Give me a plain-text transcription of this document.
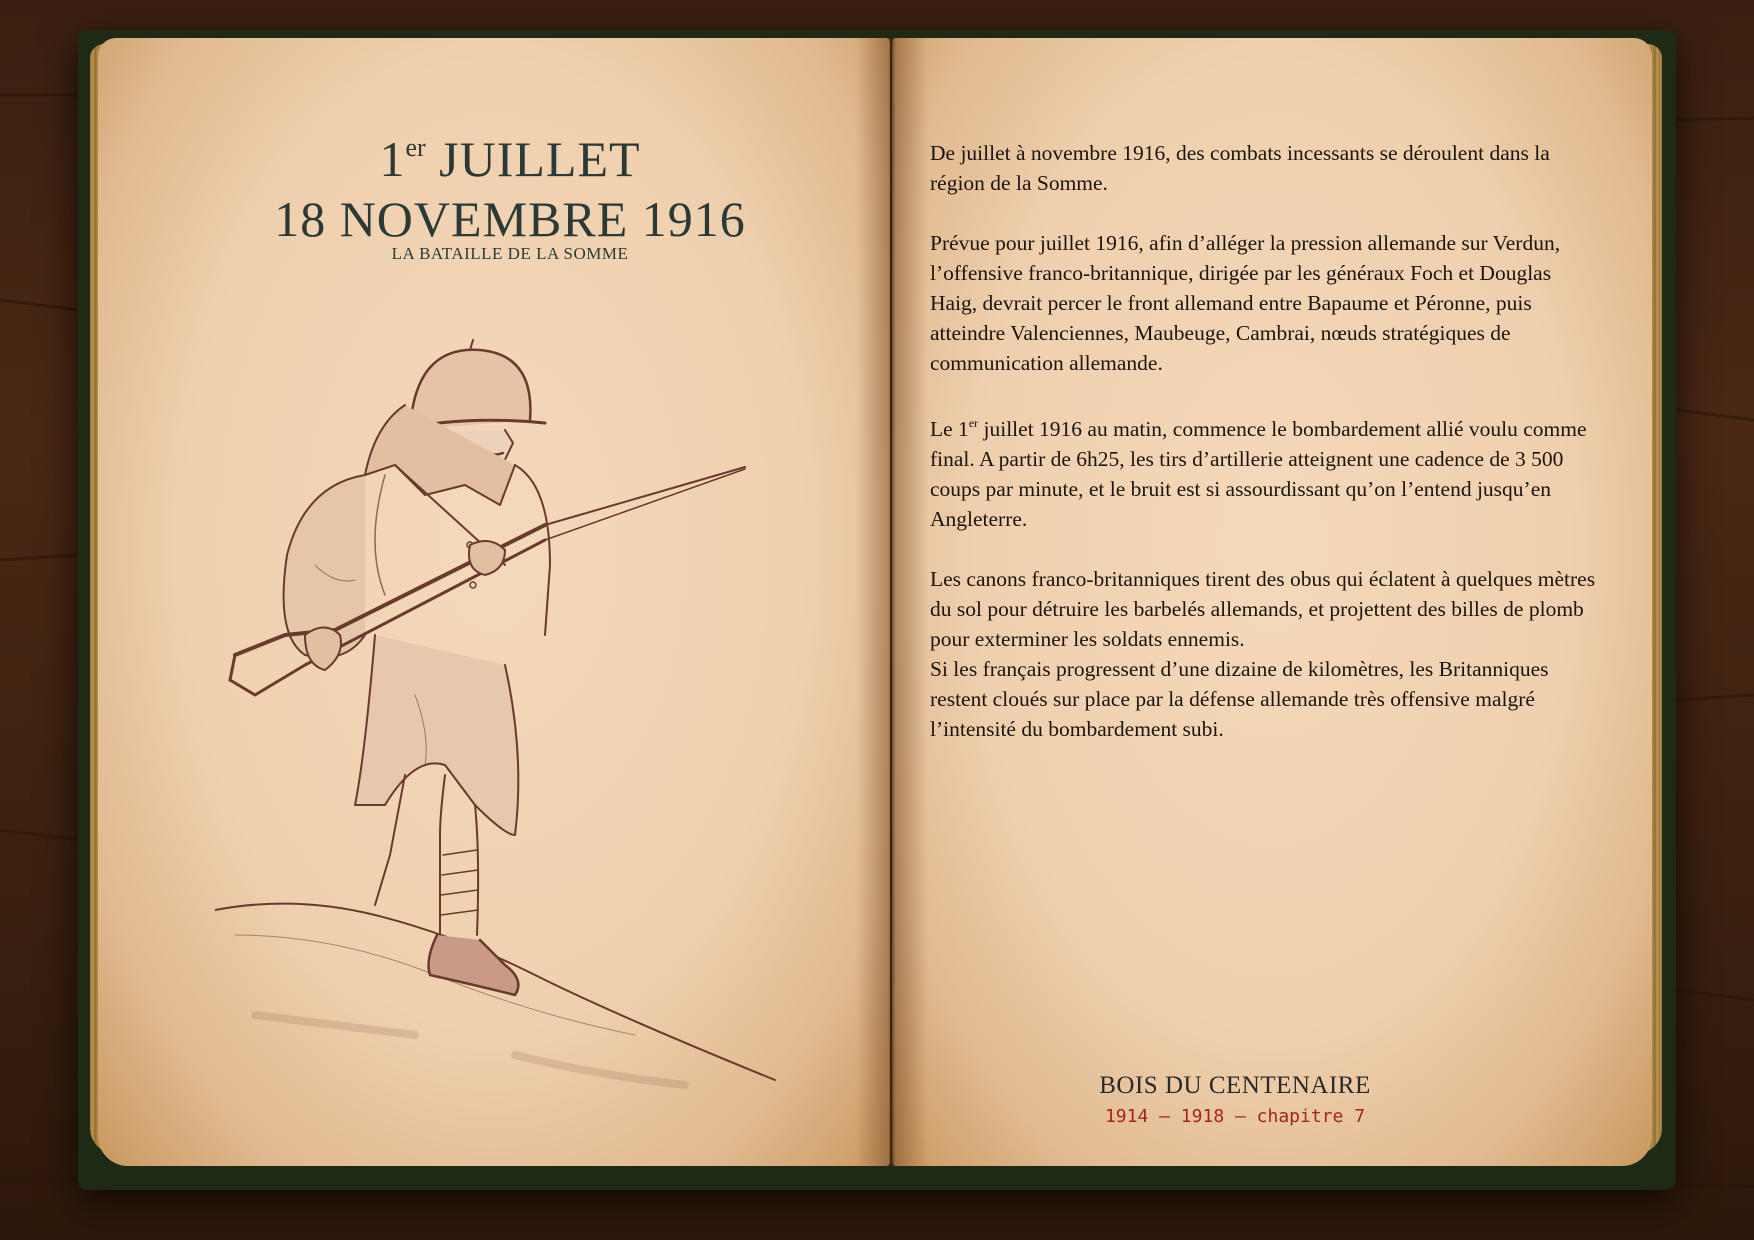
1er JUILLET
18 NOVEMBRE 1916
LA BATAILLE DE LA SOMME

De juillet à novembre 1916, des combats incessants se déroulent dans la région de la Somme.

Prévue pour juillet 1916, afin d’alléger la pression allemande sur Verdun, l’offensive franco-britannique, dirigée par les généraux Foch et Douglas Haig, devrait percer le front allemand entre Bapaume et Péronne, puis atteindre Valenciennes, Maubeuge, Cambrai, nœuds stratégiques de communication allemande.

Le 1er juillet 1916 au matin, commence le bombardement allié voulu comme final. A partir de 6h25, les tirs d’artillerie atteignent une cadence de 3 500 coups par minute, et le bruit est si assourdissant qu’on l’entend jusqu’en Angleterre.

Les canons franco-britanniques tirent des obus qui éclatent à quelques mètres du sol pour détruire les barbelés allemands, et projettent des billes de plomb pour exterminer les soldats ennemis.

Si les français progressent d’une dizaine de kilomètres, les Britanniques restent cloués sur place par la défense allemande très offensive malgré l’intensité du bombardement subi.

BOIS DU CENTENAIRE
1914 – 1918 – chapitre 7
